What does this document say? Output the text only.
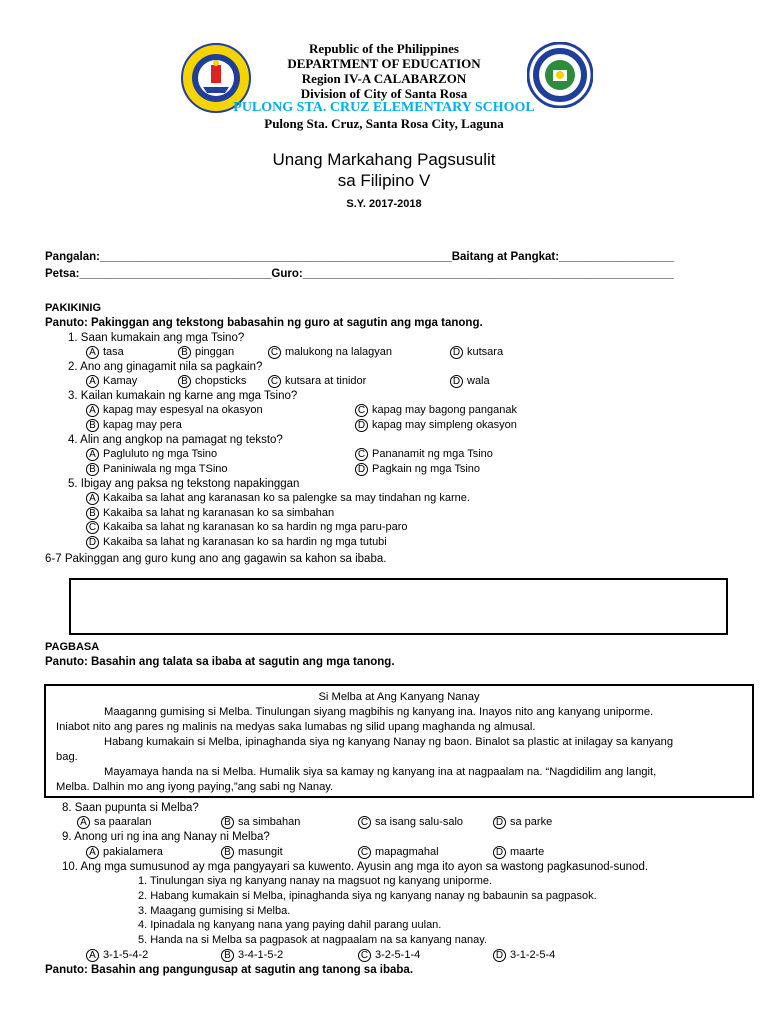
Republic of the Philippines
DEPARTMENT OF EDUCATION
Region IV-A CALABARZON
Division of City of Santa Rosa
PULONG STA. CRUZ ELEMENTARY SCHOOL
Pulong Sta. Cruz, Santa Rosa City, Laguna
Unang Markahang Pagsusulit
sa Filipino V
S.Y. 2017-2018
Pangalan:_______________________________________________________Baitang at Pangkat:__________________
Petsa:______________________________Guro:__________________________________________________________
PAKIKINIG
Panuto: Pakinggan ang tekstong babasahin ng guro at sagutin ang mga tanong.
1. Saan kumakain ang mga Tsino?
A tasa	B pinggan	C malukong na lalagyan	D kutsara
2. Ano ang ginagamit nila sa pagkain?
A Kamay	B chopsticks C kutsara at tinidor	D wala
3. Kailan kumakain ng karne ang mga Tsino?
A kapag may espesyal na okasyon	C kapag may bagong panganak
B kapag may pera	D kapag may simpleng okasyon
4. Alin ang angkop na pamagat ng teksto?
A Pagluluto ng mga Tsino	C Pananamit ng mga Tsino
B Paniniwala ng mga TSino	D Pagkain ng mga Tsino
5. Ibigay ang paksa ng tekstong napakinggan
A Kakaiba sa lahat ang karanasan ko sa palengke sa may tindahan ng karne.
B Kakaiba sa lahat ng karanasan ko sa simbahan
C Kakaiba sa lahat ng karanasan ko sa hardin ng mga paru-paro
D Kakaiba sa lahat ng karanasan ko sa hardin ng mga tutubi
6-7 Pakinggan ang guro kung ano ang gagawin sa kahon sa ibaba.
PAGBASA
Panuto: Basahin ang talata sa ibaba at sagutin ang mga tanong.
Si Melba at Ang Kanyang Nanay
Maaganng gumising si Melba. Tinulungan siyang magbihis ng kanyang ina. Inayos nito ang kanyang uniporme.
Iniabot nito ang pares ng malinis na medyas saka lumabas ng silid upang maghanda ng almusal.
Habang kumakain si Melba, ipinaghanda siya ng kanyang Nanay ng baon. Binalot sa plastic at inilagay sa kanyang
bag.
Mayamaya handa na si Melba. Humalik siya sa kamay ng kanyang ina at nagpaalam na. “Nagdidilim ang langit,
Melba. Dalhin mo ang iyong paying,”ang sabi ng Nanay.
8. Saan pupunta si Melba?
A sa paaralan	B sa simbahan	C sa isang salu-salo	D sa parke
9. Anong uri ng ina ang Nanay ni Melba?
A pakialamera	B masungit	C mapagmahal	D maarte
10. Ang mga sumusunod ay mga pangyayari sa kuwento. Ayusin ang mga ito ayon sa wastong pagkasunod-sunod.
1. Tinulungan siya ng kanyang nanay na magsuot ng kanyang uniporme.
2. Habang kumakain si Melba, ipinaghanda siya ng kanyang nanay ng babaunin sa pagpasok.
3. Maagang gumising si Melba.
4. Ipinadala ng kanyang nana yang paying dahil parang uulan.
5. Handa na si Melba sa pagpasok at nagpaalam na sa kanyang nanay.
A 3-1-5-4-2	B 3-4-1-5-2	C 3-2-5-1-4	D 3-1-2-5-4
Panuto: Basahin ang pangungusap at sagutin ang tanong sa ibaba.
